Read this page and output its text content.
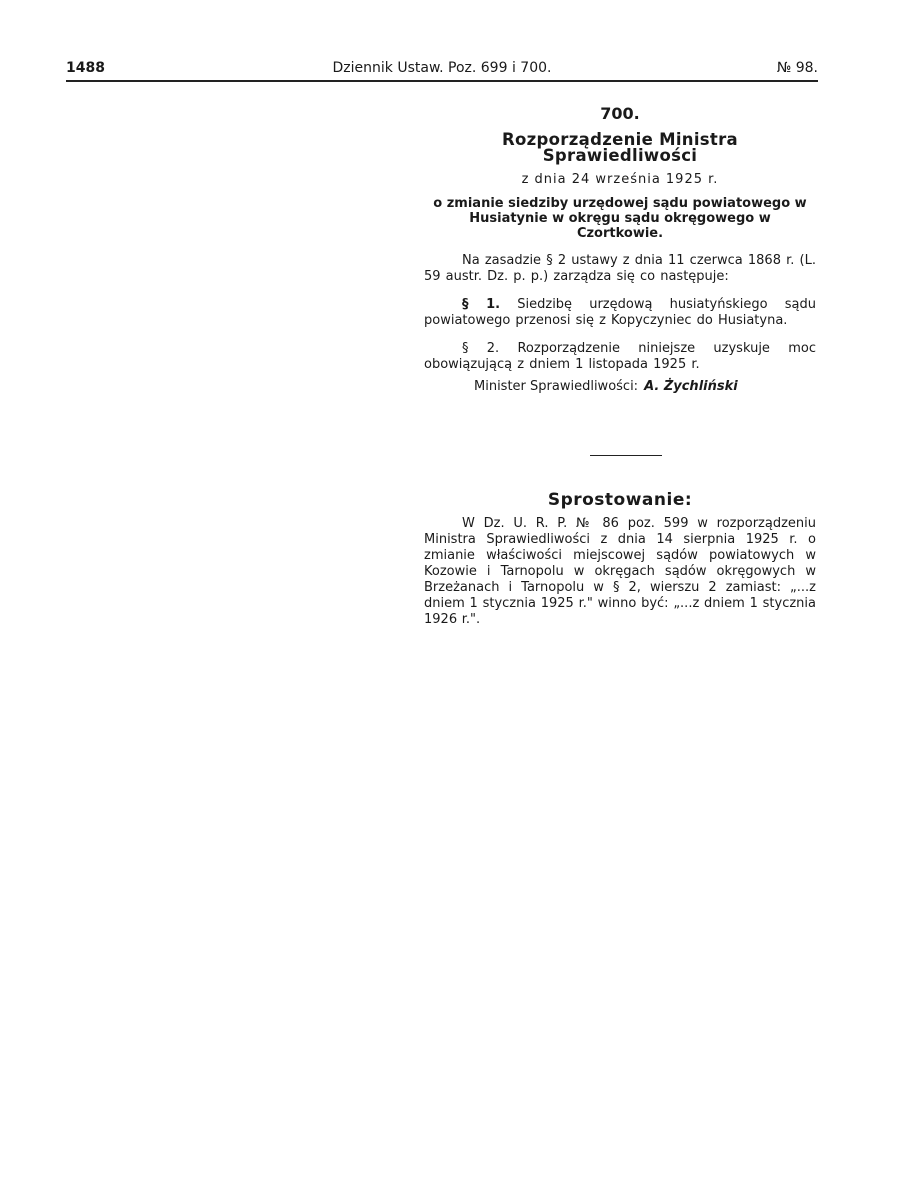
1488	Dziennik Ustaw. Poz. 699 i 700.	№ 98.
700.
Rozporządzenie Ministra Sprawiedliwości
z dnia 24 września 1925 r.
o zmianie siedziby urzędowej sądu powiatowego w Husiatynie w okręgu sądu okręgowego w Czortkowie.
Na zasadzie § 2 ustawy z dnia 11 czerwca 1868 r. (L. 59 austr. Dz. p. p.) zarządza się co następuje:
§ 1. Siedzibę urzędową husiatyńskiego sądu powiatowego przenosi się z Kopyczyniec do Husiatyna.
§ 2. Rozporządzenie niniejsze uzyskuje moc obowiązującą z dniem 1 listopada 1925 r.
Minister Sprawiedliwości: A. Żychliński
Sprostowanie:
W Dz. U. R. P. № 86 poz. 599 w rozporządzeniu Ministra Sprawiedliwości z dnia 14 sierpnia 1925 r. o zmianie właściwości miejscowej sądów powiatowych w Kozowie i Tarnopolu w okręgach sądów okręgowych w Brzeżanach i Tarnopolu w § 2, wierszu 2 zamiast: „...z dniem 1 stycznia 1925 r." winno być: „...z dniem 1 stycznia 1926 r.".
